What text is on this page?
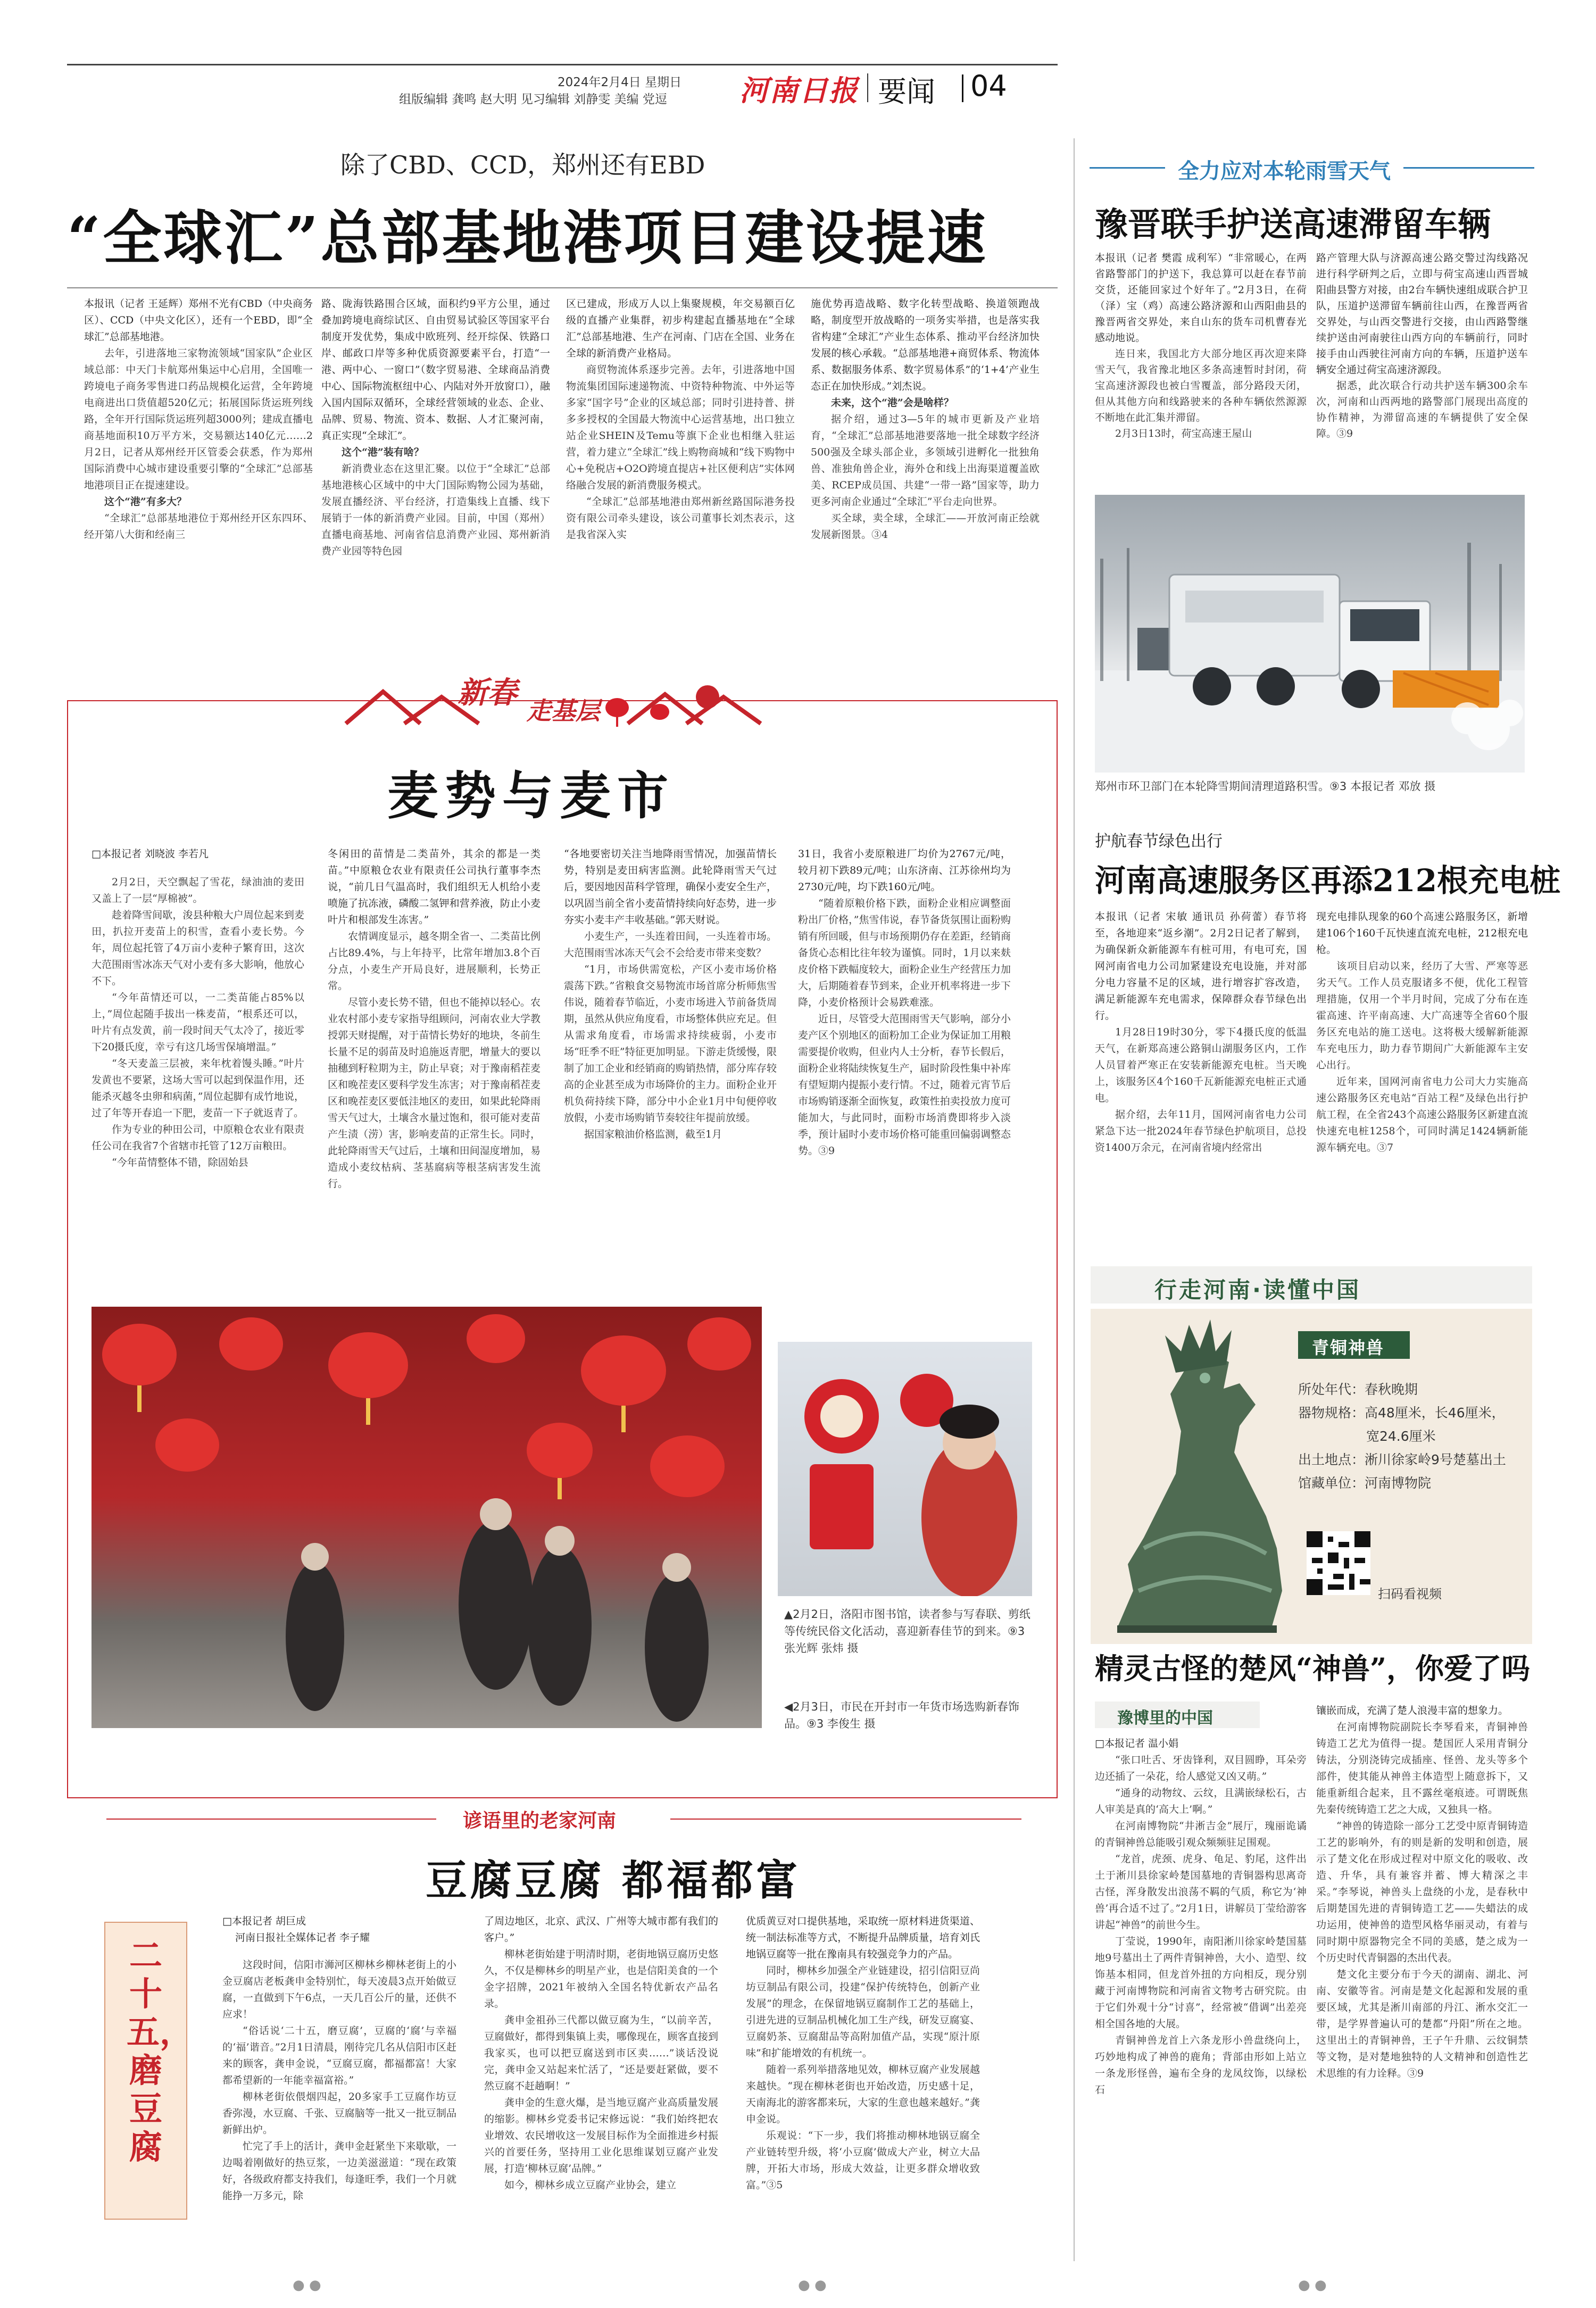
2024年2月4日 星期日
组版编辑 龚鸣 赵大明 见习编辑 刘静雯 美编 党逗	河南日报 要闻 04
除了CBD、CCD，郑州还有EBD
“全球汇”总部基地港项目建设提速

本报讯（记者 王延辉）郑州不光有CBD（中央商务区）、CCD（中央文化区），还有一个EBD，即“全球汇”总部基地港。

去年，引进落地三家物流领域“国家队”企业区域总部：中天门卡航郑州集运中心启用，全国唯一跨境电子商务零售进口药品规模化运营，全年跨境电商进出口货值超520亿元；拓展国际货运班列线路，全年开行国际货运班列超3000列；建成直播电商基地面积10万平方米，交易额达140亿元……2月2日，记者从郑州经开区管委会获悉，作为郑州国际消费中心城市建设重要引擎的“全球汇”总部基地港项目正在提速建设。

这个“港”有多大？

“全球汇”总部基地港位于郑州经开区东四环、经开第八大街和经南三

路、陇海铁路围合区域，面积约9平方公里，通过叠加跨境电商综试区、自由贸易试验区等国家平台制度开发优势，集成中欧班列、经开综保、铁路口岸、邮政口岸等多种优质资源要素平台，打造“一港、两中心、一窗口”（数字贸易港、全球商品消费中心、国际物流枢纽中心、内陆对外开放窗口），融入国内国际双循环，全球经营领域的业态、企业、品牌、贸易、物流、资本、数据、人才汇聚河南，真正实现“全球汇”。

这个“港”装有啥？

新消费业态在这里汇聚。以位于“全球汇”总部基地港核心区域中的中大门国际购物公园为基础，发展直播经济、平台经济，打造集线上直播、线下展销于一体的新消费产业园。目前，中国（郑州）直播电商基地、河南省信息消费产业园、郑州新消费产业园等特色园

区已建成，形成万人以上集聚规模，年交易额百亿级的直播产业集群，初步构建起直播基地在“全球汇”总部基地港、生产在河南、门店在全国、业务在全球的新消费产业格局。

商贸物流体系逐步完善。去年，引进落地中国物流集团国际速递物流、中资特种物流、中外运等多家“国字号”企业的区域总部；同时引进持普、拼多多授权的全国最大物流中心运营基地，出口独立站企业SHEIN及Temu等旗下企业也相继入驻运营，着力建立“全球汇”线上购物商城和“线下购物中心+免税店+O2O跨境直提店+社区便利店”实体网络融合发展的新消费服务模式。

“全球汇”总部基地港由郑州新丝路国际港务投资有限公司牵头建设，该公司董事长刘杰表示，这是我省深入实

施优势再造战略、数字化转型战略、换道领跑战略，制度型开放战略的一项务实举措，也是落实我省构建“全球汇”产业生态体系、推动平台经济加快发展的核心承载。“总部基地港+商贸体系、物流体系、数据服务体系、数字贸易体系”的‘1+4’产业生态正在加快形成。”刘杰说。

未来，这个“港”会是啥样？

据介绍，通过3—5年的城市更新及产业培育，“全球汇”总部基地港要落地一批全球数字经济500强及全球头部企业，多领域引进孵化一批独角兽、准独角兽企业，海外仓和线上出海渠道覆盖欧美、RCEP成员国、共建“一带一路”国家等，助力更多河南企业通过“全球汇”平台走向世界。

买全球，卖全球，全球汇——开放河南正绘就发展新图景。③4

全力应对本轮雨雪天气
豫晋联手护送高速滞留车辆

本报讯（记者 樊霞 成利军）“非常暖心，在两省路警部门的护送下，我总算可以赶在春节前交货，还能回家过个好年了。”2月3日，在荷（泽）宝（鸡）高速公路济源和山西阳曲县的豫晋两省交界处，来自山东的货车司机曹春光感动地说。

连日来，我国北方大部分地区再次迎来降雪天气，我省豫北地区多条高速暂时封闭，荷宝高速济源段也被白雪覆盖，部分路段天闭，但从其他方向和线路驶来的各种车辆依然源源不断地在此汇集并滞留。

2月3日13时，荷宝高速王屋山

路产管理大队与济源高速公路交警过沟线路况进行科学研判之后，立即与荷宝高速山西晋城阳曲县警方对接，由2台车辆快速组成联合护卫队，压道护送滞留车辆前往山西，在豫晋两省交界处，与山西交警进行交接，由山西路警继续护送由河南驶往山西方向的车辆前行，同时接手由山西驶往河南方向的车辆，压道护送车辆安全通过荷宝高速济源段。

据悉，此次联合行动共护送车辆300余车次，河南和山西两地的路警部门展现出高度的协作精神，为滞留高速的车辆提供了安全保障。③9

郑州市环卫部门在本轮降雪期间清理道路积雪。⑨3 本报记者 邓放 摄
护航春节绿色出行
河南高速服务区再添212根充电桩

本报讯（记者 宋敏 通讯员 孙荷蕾）春节将至，各地迎来“返乡潮”。2月2日记者了解到，为确保新众新能源车有桩可用，有电可充，国网河南省电力公司加紧建设充电设施，并对部分电力容量不足的区域，进行增容扩容改造，满足新能源车充电需求，保障群众春节绿色出行。

1月28日19时30分，零下4摄氏度的低温天气，在新郑高速公路铜山湖服务区内，工作人员冒着严寒正在安装新能源充电桩。当天晚上，该服务区4个160千瓦新能源充电桩正式通电。

据介绍，去年11月，国网河南省电力公司紧急下达一批2024年春节绿色护航项目，总投资1400万余元，在河南省境内经常出

现充电排队现象的60个高速公路服务区，新增建106个160千瓦快速直流充电桩，212根充电枪。

该项目启动以来，经历了大雪、严寒等恶劣天气。工作人员克服诸多不便，优化工程管理措施，仅用一个半月时间，完成了分布在连霍高速、许平南高速、大广高速等全省60个服务区充电站的施工送电。这将极大缓解新能源车充电压力，助力春节期间广大新能源车主安心出行。

近年来，国网河南省电力公司大力实施高速公路服务区充电站“百站工程”及绿色出行护航工程，在全省243个高速公路服务区新建直流快速充电桩1258个，可同时满足1424辆新能源车辆充电。③7

行走河南·读懂中国
青铜神兽
所处年代：春秋晚期
器物规格：高48厘米，长46厘米，
宽24.6厘米
出土地点：淅川徐家岭9号楚墓出土
馆藏单位：河南博物院
扫码看视频
精灵古怪的楚风“神兽”，你爱了吗
豫博里的中国

□本报记者 温小娟

“张口吐舌、牙齿锋利，双目圆睁，耳朵旁边还插了一朵花，给人感觉又凶又萌。”

“通身的动物纹、云纹，且满嵌绿松石，古人审美是真的‘高大上’啊。”

在河南博物院“井淅吉金”展厅，瑰丽诡谲的青铜神兽总能吸引观众频频驻足围观。

“龙首，虎颈、虎身、龟足、豹尾，这件出土于淅川县徐家岭楚国墓地的青铜器构思离奇古怪，浑身散发出浪荡不羁的气质，称它为‘神兽’再合适不过了。”2月1日，讲解员丁莹给游客讲起“神兽”的前世今生。

丁莹说，1990年，南阳淅川徐家岭楚国墓地9号墓出土了两件青铜神兽，大小、造型、纹饰基本相同，但龙首外扭的方向相反，现分别藏于河南博物院和河南省文物考古研究院。由于它们外观十分“讨喜”，经常被“借调”出差亮相全国各地的大展。

青铜神兽龙首上六条龙形小兽盘绕向上，巧妙地构成了神兽的鹿角；背部由形如上站立一条龙形怪兽，遍布全身的龙凤纹饰，以绿松石

镶嵌而成，充满了楚人浪漫丰富的想象力。

在河南博物院副院长李琴看来，青铜神兽铸造工艺尤为值得一提。楚国匠人采用青铜分铸法，分别浇铸完成插座、怪兽、龙头等多个部件，使其能从神兽主体造型上随意拆下，又能重新组合起来，且不露丝毫痕迹。可谓既焦先秦传统铸造工艺之大成，又独具一格。

“神兽的铸造除一部分工艺受中原青铜铸造工艺的影响外，有的则是新的发明和创造，展示了楚文化在形成过程对中原文化的吸收、改造、升华，具有兼容并蓄、博大精深之丰采。”李琴说，神兽头上盘绕的小龙，是春秋中后期楚国先进的青铜铸造工艺——失蜡法的成功运用，使神兽的造型风格华丽灵动，有着与同时期中原器物完全不同的美感，楚之成为一个历史时代青铜器的杰出代表。

楚文化主要分布于今天的湖南、湖北、河南、安徽等省。河南是楚文化起源和发展的重要区域，尤其是淅川南部的丹江、淅水交汇一带，是学界普遍认可的楚都“丹阳”所在之地。这里出土的青铜神兽，王子午升鼎、云纹铜禁等文物，是对楚地独特的人文精神和创造性艺术思维的有力诠释。③9

新春
走基层
麦势与麦市

□本报记者 刘晓波 李若凡

2月2日，天空飘起了雪花，绿油油的麦田又盖上了一层“厚棉被”。

趁着降雪间歇，浚县种粮大户周位起来到麦田，扒拉开麦苗上的积雪，查看小麦长势。今年，周位起托管了4万亩小麦种子繁育田，这次大范围雨雪冰冻天气对小麦有多大影响，他放心不下。

“今年苗情还可以，一二类苗能占85%以上，”周位起随手拔出一株麦苗，“根系还可以，叶片有点发黄，前一段时间天气太冷了，接近零下20摄氏度，幸亏有这几场雪保墒增温。”

“冬天麦盖三层被，来年枕着馒头睡。”叶片发黄也不要紧，这场大雪可以起到保温作用，还能杀灭越冬虫卵和病菌，”周位起脚有成竹地说，过了年等开春追一下肥，麦苗一下子就返青了。

作为专业的种田公司，中原粮仓农业有限责任公司在我省7个省辖市托管了12万亩粮田。

“今年苗情整体不错，除固始县

冬闲田的苗情是二类苗外，其余的都是一类苗。”中原粮仓农业有限责任公司执行董事李杰说，“前几日气温高时，我们组织无人机给小麦喷施了抗冻液，磷酸二氢钾和营养液，防止小麦叶片和根部发生冻害。”

农情调度显示，越冬期全省一、二类苗比例占比89.4%，与上年持平，比常年增加3.8个百分点，小麦生产开局良好，进展顺利，长势正常。

尽管小麦长势不错，但也不能掉以轻心。农业农村部小麦专家指导组顾问，河南农业大学教授郭天财提醒，对于苗情长势好的地块，冬前生长量不足的弱苗及时追施返青肥，增量大的要以抽穗到籽粒期为主，防止早衰；对于豫南稻茬麦区和晚茬麦区要科学发生冻害；对于豫南稻茬麦区和晚茬麦区要低洼地区的麦田，如果此轮降雨雪天气过大，土壤含水量过饱和，很可能对麦苗产生渍（涝）害，影响麦苗的正常生长。同时，此轮降雨雪天气过后，土壤和田间湿度增加，易造成小麦纹枯病、茎基腐病等根茎病害发生流行。

“各地要密切关注当地降雨雪情况，加强苗情长势，特别是麦田病害监测。此轮降雨雪天气过后，要因地因苗科学管理，确保小麦安全生产，以巩固当前全省小麦苗情持续向好态势，进一步夯实小麦丰产丰收基础。”郭天财说。

小麦生产，一头连着田间，一头连着市场。大范围雨雪冰冻天气会不会给麦市带来变数？

“1月，市场供需宽松，产区小麦市场价格震荡下跌。”省粮食交易物流市场首席分析师焦雪伟说，随着春节临近，小麦市场进入节前备货周期，虽然从供应角度看，市场整体供应充足。但从需求角度看，市场需求持续疲弱，小麦市场“旺季不旺”特征更加明显。下游走货缓慢，限制了加工企业和经销商的购销热情，部分库存较高的企业甚至成为市场降价的主力。面粉企业开机负荷持续下降，部分中小企业1月中旬便停收放假，小麦市场购销节奏较往年提前放缓。

据国家粮油价格监测，截至1月

31日，我省小麦原粮进厂均价为2767元/吨，较月初下跌89元/吨；山东济南、江苏徐州均为2730元/吨，均下跌160元/吨。

“随着原粮价格下跌，面粉企业相应调整面粉出厂价格，”焦雪伟说，春节备货氛围让面粉购销有所回暖，但与市场预期仍存在差距，经销商备货心态相比往年较为谨慎。同时，1月以来麸皮价格下跌幅度较大，面粉企业生产经营压力加大，后期随着春节到来，企业开机率将进一步下降，小麦价格预计会易跌难涨。

近日，尽管受大范围雨雪天气影响，部分小麦产区个别地区的面粉加工企业为保证加工用粮需要提价收购，但业内人士分析，春节长假后，面粉企业将陆续恢复生产，届时阶段性集中补库有望短期内提振小麦行情。不过，随着元宵节后市场购销逐渐全面恢复，政策性拍卖投放力度可能加大，与此同时，面粉市场消费即将步入淡季，预计届时小麦市场价格可能重回偏弱调整态势。③9

▲2月2日，洛阳市图书馆，读者参与写春联、剪纸等传统民俗文化活动，喜迎新春佳节的到来。⑨3 张光辉 张炜 摄
◀2月3日，市民在开封市一年货市场选购新春饰品。⑨3 李俊生 摄
谚语里的老家河南
豆腐豆腐 都福都富
二十五，磨豆腐

□本报记者 胡巨成

河南日报社全媒体记者 李子耀

这段时间，信阳市浉河区柳林乡柳林老街上的小金豆腐店老板龚申金特别忙，每天凌晨3点开始做豆腐，一直做到下午6点，一天几百公斤的量，还供不应求！

“俗话说‘二十五，磨豆腐’，豆腐的‘腐’与幸福的‘福’谐音。”2月1日清晨，刚待完几名从信阳市区赶来的顾客，龚申金说，“豆腐豆腐，都福都富！大家都希望新的一年能幸福富裕。”

柳林老街依偎烟四起，20多家手工豆腐作坊豆香弥漫，水豆腐、千张、豆腐脑等一批又一批豆制品新鲜出炉。

忙完了手上的活计，龚申金赶紧坐下来歇歇，一边喝着刚做好的热豆浆，一边美滋滋道：“现在政策好，各级政府都支持我们，每逢旺季，我们一个月就能挣一万多元，除

了周边地区，北京、武汉、广州等大城市都有我们的客户。”

柳林老街始建于明清时期，老街地锅豆腐历史悠久，不仅是柳林乡的明星产业，也是信阳美食的一个金字招牌，2021年被纳入全国名特优新农产品名录。

龚申金祖孙三代都以做豆腐为生，“以前辛苦，豆腐做好，都得到集镇上卖，哪像现在，顾客直接到我家买，也可以把豆腐送到市区卖……”谈话没说完，龚申金又站起来忙活了，“还是要赶紧做，要不然豆腐不赶趟啊！”

龚申金的生意火爆，是当地豆腐产业高质量发展的缩影。柳林乡党委书记宋修远说：“我们始终把农业增效、农民增收这一发展目标作为全面推进乡村振兴的首要任务，坚持用工业化思维谋划豆腐产业发展，打造‘柳林豆腐’品牌。”

如今，柳林乡成立豆腐产业协会，建立

优质黄豆对口提供基地，采取统一原材料进货渠道、统一制法标准等方式，不断提升品牌质量，培育刘氏地锅豆腐等一批在豫南具有较强竞争力的产品。

同时，柳林乡加强全产业链建设，招引信阳豆尚坊豆制品有限公司，投建“保护传统特色，创新产业发展”的理念，在保留地锅豆腐制作工艺的基础上，引进先进的豆制品机械化加工生产线，研发豆腐宴、豆腐奶茶、豆腐甜品等高附加值产品，实现“原汁原味”和扩能增效的有机统一。

随着一系列举措落地见效，柳林豆腐产业发展越来越快。“现在柳林老街也开始改造，历史感十足，天南海北的游客都来玩，大家的生意也越来越好。”龚申金说。

乐观说：“下一步，我们将推动柳林地锅豆腐全产业链转型升级，将‘小豆腐’做成大产业，树立大品牌，开拓大市场，形成大效益，让更多群众增收致富。”③5

● ●	● ●	● ●
